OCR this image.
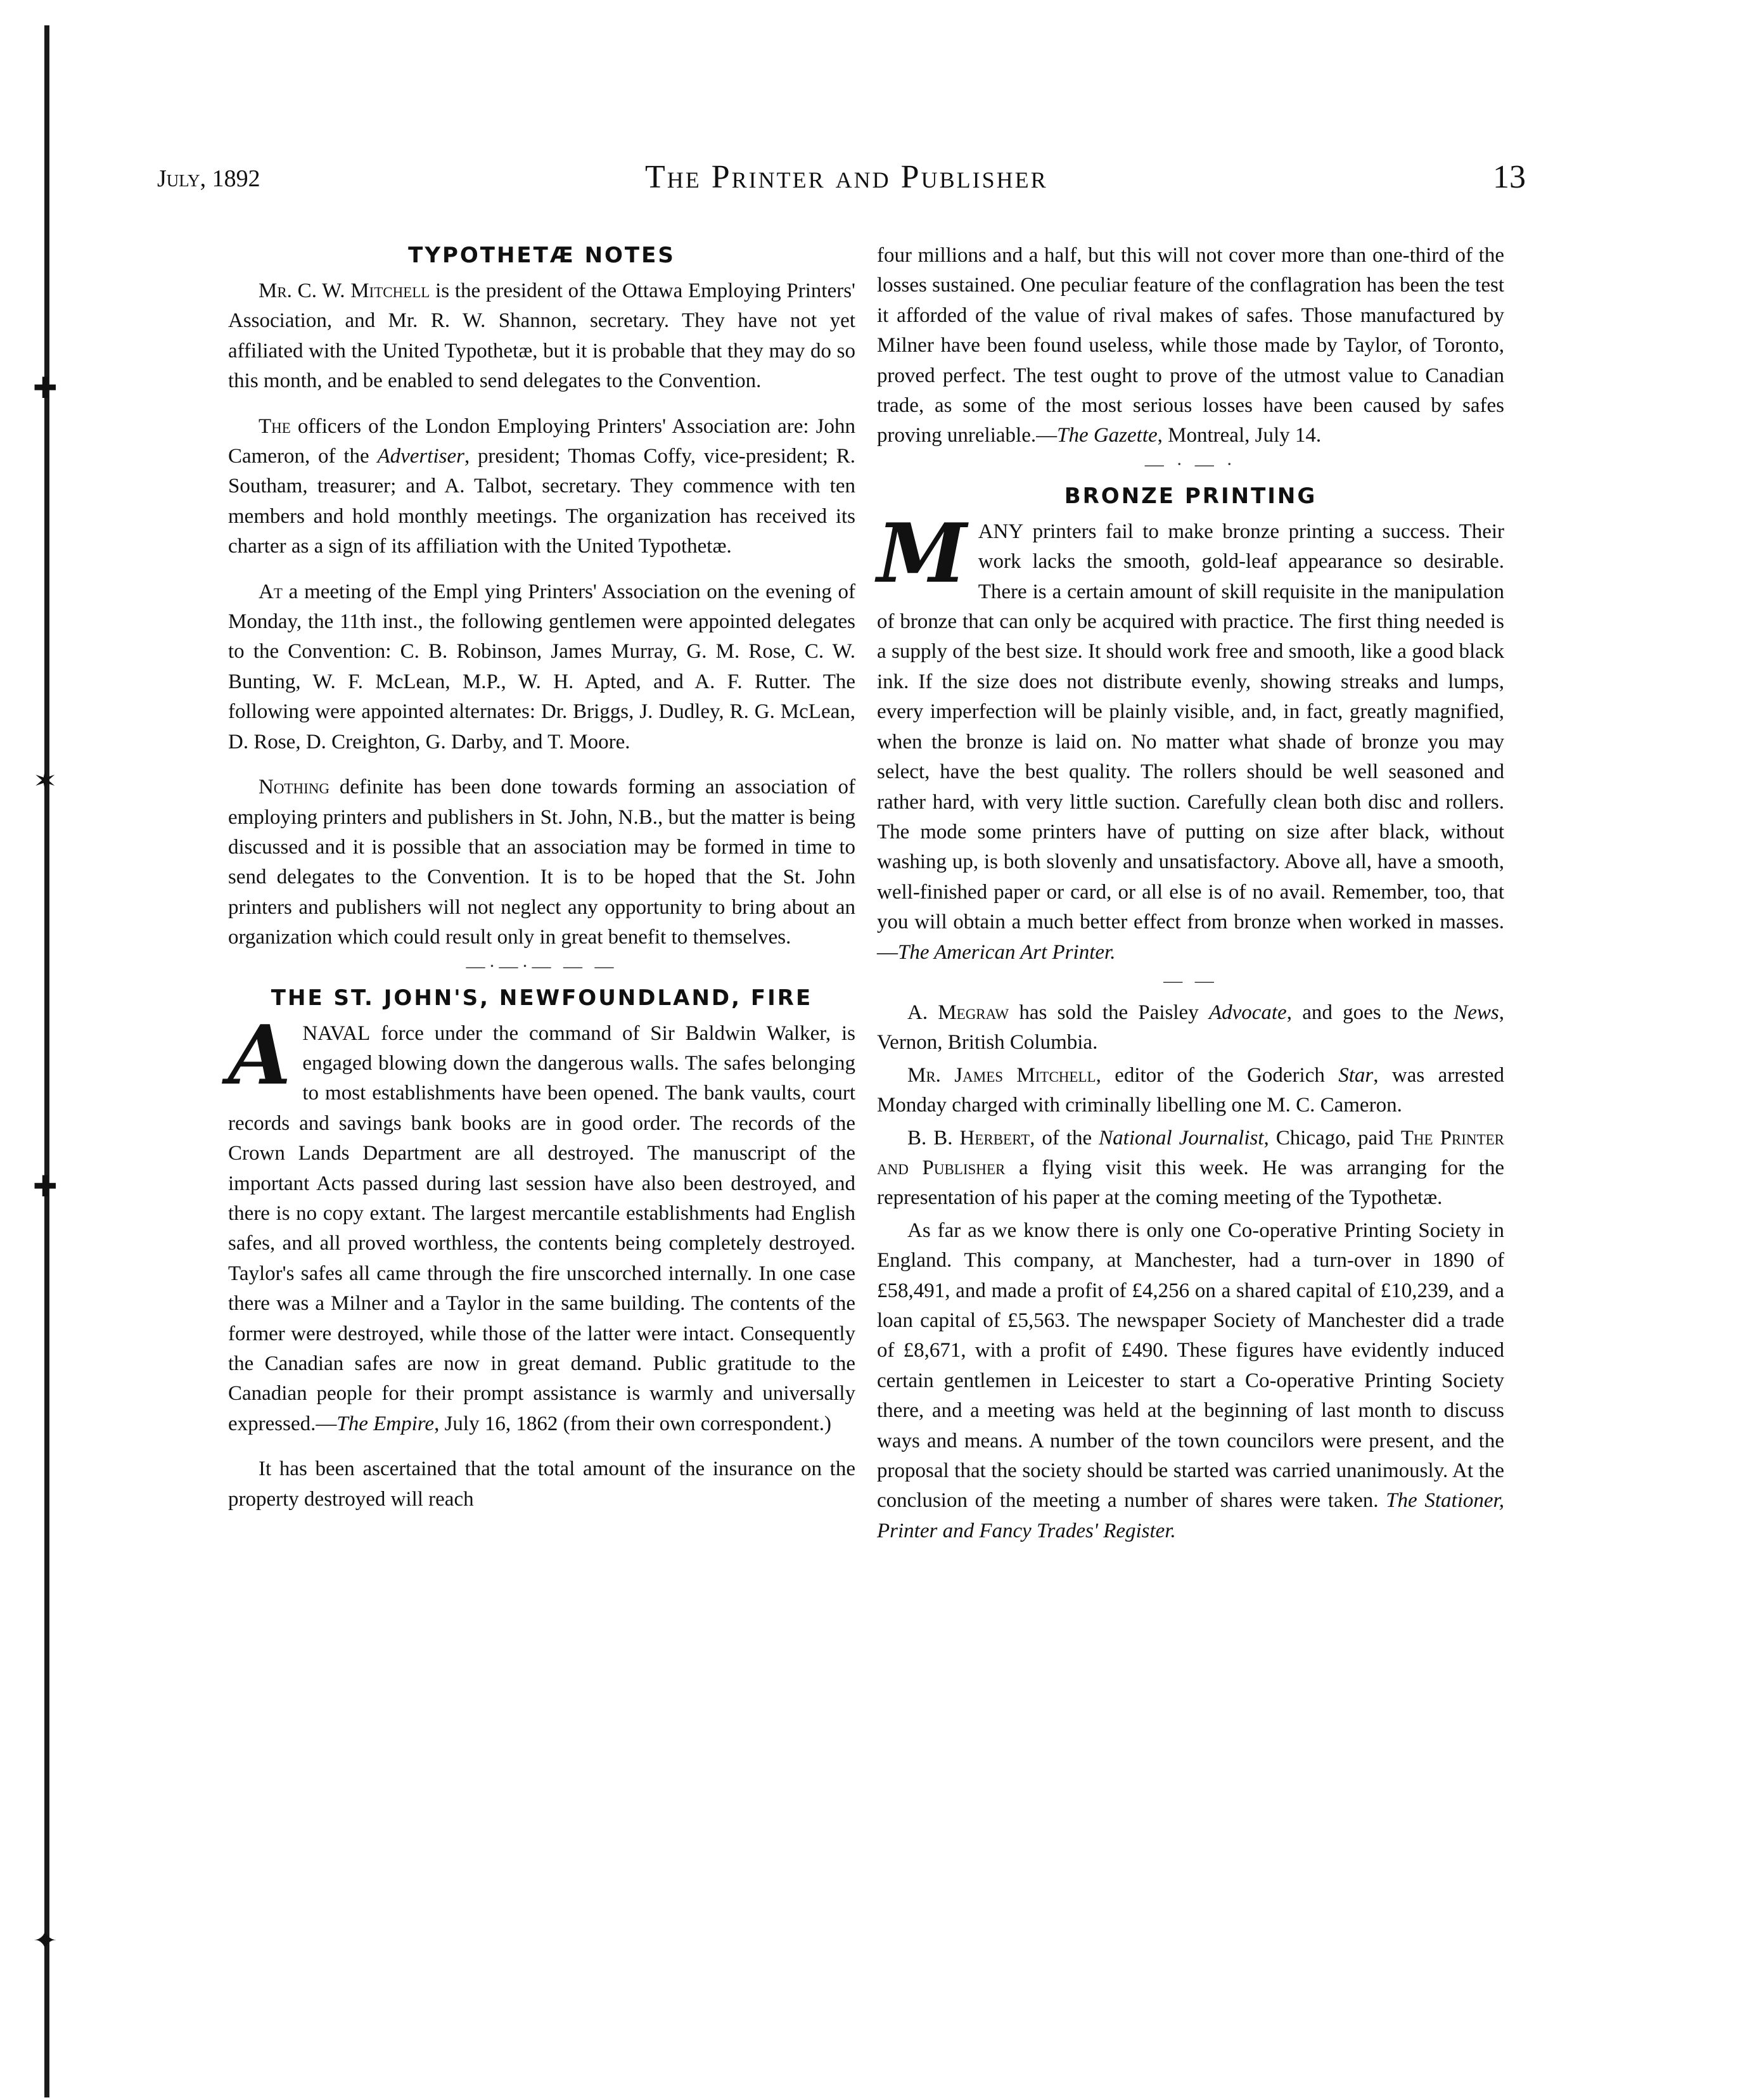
✚
✶
✚
✦
July, 1892	The Printer and Publisher	13
TYPOTHETÆ NOTES

Mr. C. W. Mitchell is the president of the Ottawa Employing Printers' Association, and Mr. R. W. Shannon, secretary. They have not yet affiliated with the United Typothetæ, but it is probable that they may do so this month, and be enabled to send delegates to the Convention.

The officers of the London Employing Printers' Association are: John Cameron, of the Advertiser, president; Thomas Coffy, vice-president; R. Southam, treasurer; and A. Talbot, secretary. They commence with ten members and hold monthly meetings. The organization has received its charter as a sign of its affiliation with the United Typothetæ.

At a meeting of the Empl ying Printers' Association on the evening of Monday, the 11th inst., the following gentlemen were appointed delegates to the Convention: C. B. Robinson, James Murray, G. M. Rose, C. W. Bunting, W. F. McLean, M.P., W. H. Apted, and A. F. Rutter. The following were appointed alternates: Dr. Briggs, J. Dudley, R. G. McLean, D. Rose, D. Creighton, G. Darby, and T. Moore.

Nothing definite has been done towards forming an association of employing printers and publishers in St. John, N.B., but the matter is being discussed and it is possible that an association may be formed in time to send delegates to the Convention. It is to be hoped that the St. John printers and publishers will not neglect any opportunity to bring about an organization which could result only in great benefit to themselves.

—·—·— — —
THE ST. JOHN'S, NEWFOUNDLAND, FIRE

A NAVAL force under the command of Sir Baldwin Walker, is engaged blowing down the dangerous walls. The safes belonging to most establishments have been opened. The bank vaults, court records and savings bank books are in good order. The records of the Crown Lands Department are all destroyed. The manuscript of the important Acts passed during last session have also been destroyed, and there is no copy extant. The largest mercantile establishments had English safes, and all proved worthless, the contents being completely destroyed. Taylor's safes all came through the fire unscorched internally. In one case there was a Milner and a Taylor in the same building. The contents of the former were destroyed, while those of the latter were intact. Consequently the Canadian safes are now in great demand. Public gratitude to the Canadian people for their prompt assistance is warmly and universally expressed.—The Empire, July 16, 1862 (from their own correspondent.)

It has been ascertained that the total amount of the insurance on the property destroyed will reach

four millions and a half, but this will not cover more than one-third of the losses sustained. One peculiar feature of the conflagration has been the test it afforded of the value of rival makes of safes. Those manufactured by Milner have been found useless, while those made by Taylor, of Toronto, proved perfect. The test ought to prove of the utmost value to Canadian trade, as some of the most serious losses have been caused by safes proving unreliable.—The Gazette, Montreal, July 14.

— · — ·
BRONZE PRINTING

MANY printers fail to make bronze printing a success. Their work lacks the smooth, gold-leaf appearance so desirable. There is a certain amount of skill requisite in the manipulation of bronze that can only be acquired with practice. The first thing needed is a supply of the best size. It should work free and smooth, like a good black ink. If the size does not distribute evenly, showing streaks and lumps, every imperfection will be plainly visible, and, in fact, greatly magnified, when the bronze is laid on. No matter what shade of bronze you may select, have the best quality. The rollers should be well seasoned and rather hard, with very little suction. Carefully clean both disc and rollers. The mode some printers have of putting on size after black, without washing up, is both slovenly and unsatisfactory. Above all, have a smooth, well-finished paper or card, or all else is of no avail. Remember, too, that you will obtain a much better effect from bronze when worked in masses.—The American Art Printer.

— —

A. Megraw has sold the Paisley Advocate, and goes to the News, Vernon, British Columbia.

Mr. James Mitchell, editor of the Goderich Star, was arrested Monday charged with criminally libelling one M. C. Cameron.

B. B. Herbert, of the National Journalist, Chicago, paid The Printer and Publisher a flying visit this week. He was arranging for the representation of his paper at the coming meeting of the Typothetæ.

As far as we know there is only one Co-operative Printing Society in England. This company, at Manchester, had a turn-over in 1890 of £58,491, and made a profit of £4,256 on a shared capital of £10,239, and a loan capital of £5,563. The newspaper Society of Manchester did a trade of £8,671, with a profit of £490. These figures have evidently induced certain gentlemen in Leicester to start a Co-operative Printing Society there, and a meeting was held at the beginning of last month to discuss ways and means. A number of the town councilors were present, and the proposal that the society should be started was carried unanimously. At the conclusion of the meeting a number of shares were taken. The Stationer, Printer and Fancy Trades' Register.
